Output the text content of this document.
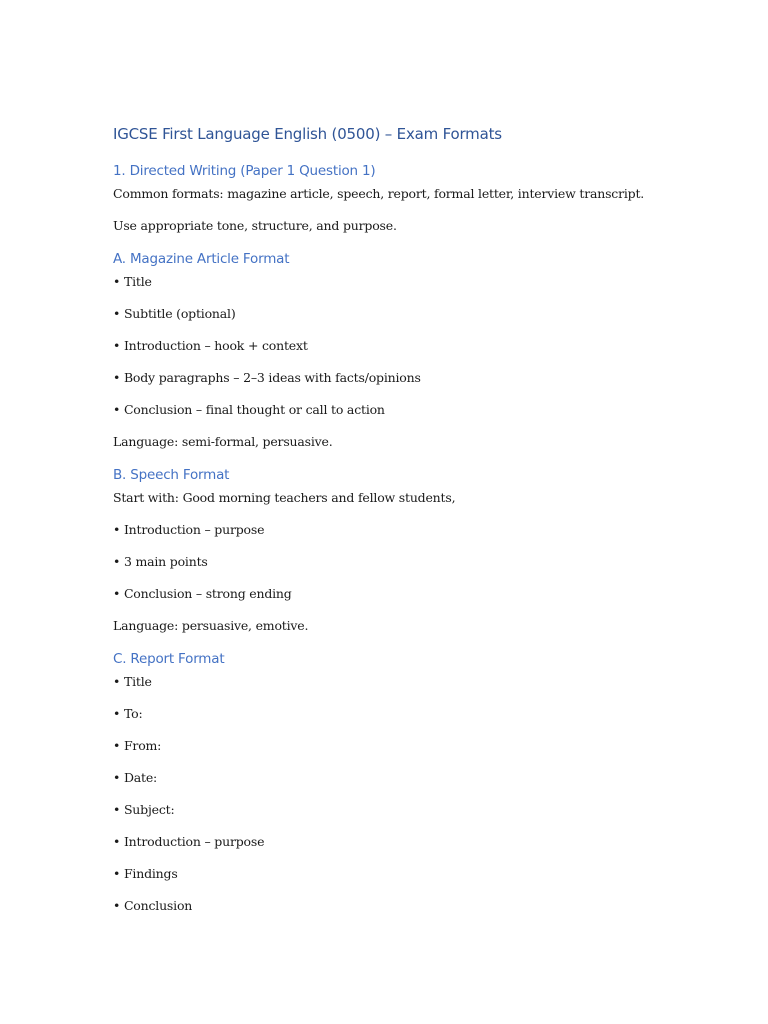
IGCSE First Language English (0500) – Exam Formats
1. Directed Writing (Paper 1 Question 1)

Common formats: magazine article, speech, report, formal letter, interview transcript.

Use appropriate tone, structure, and purpose.

A. Magazine Article Format

• Title

• Subtitle (optional)

• Introduction – hook + context

• Body paragraphs – 2–3 ideas with facts/opinions

• Conclusion – final thought or call to action

Language: semi-formal, persuasive.

B. Speech Format

Start with: Good morning teachers and fellow students,

• Introduction – purpose

• 3 main points

• Conclusion – strong ending

Language: persuasive, emotive.

C. Report Format

• Title

• To:

• From:

• Date:

• Subject:

• Introduction – purpose

• Findings

• Conclusion
